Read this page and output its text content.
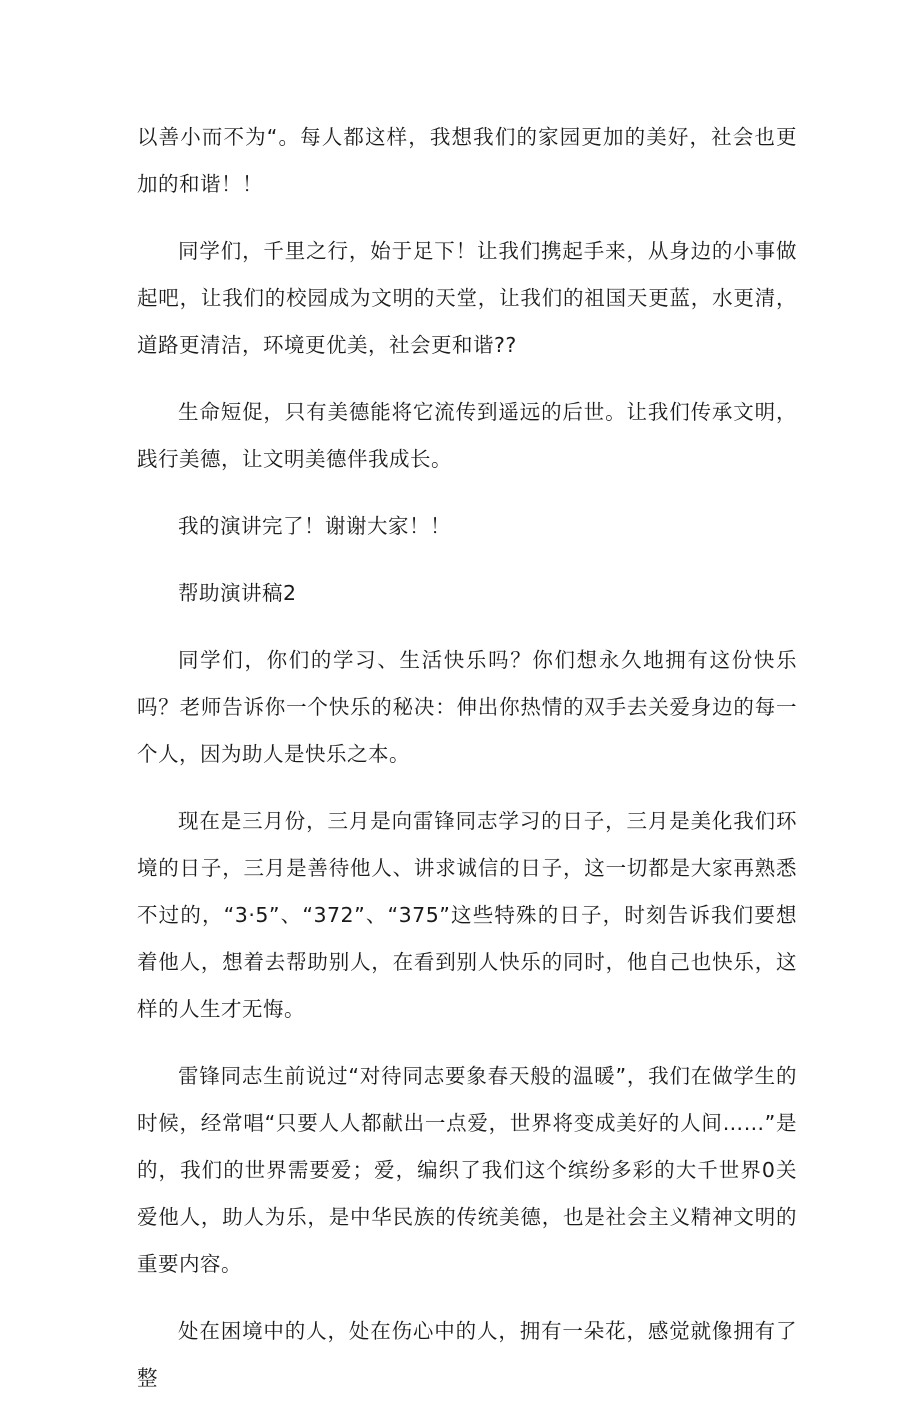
以善小而不为“。每人都这样，我想我们的家园更加的美好，社会也更加的和谐！！

同学们，千里之行，始于足下！让我们携起手来，从身边的小事做起吧，让我们的校园成为文明的天堂，让我们的祖国天更蓝，水更清，道路更清洁，环境更优美，社会更和谐??

生命短促，只有美德能将它流传到遥远的后世。让我们传承文明，践行美德，让文明美德伴我成长。

我的演讲完了！谢谢大家！！

帮助演讲稿2

同学们，你们的学习、生活快乐吗？你们想永久地拥有这份快乐吗？老师告诉你一个快乐的秘决：伸出你热情的双手去关爱身边的每一个人，因为助人是快乐之本。

现在是三月份，三月是向雷锋同志学习的日子，三月是美化我们环境的日子，三月是善待他人、讲求诚信的日子，这一切都是大家再熟悉不过的，“3·5”、“372”、“375”这些特殊的日子，时刻告诉我们要想着他人，想着去帮助别人，在看到别人快乐的同时，他自己也快乐，这样的人生才无悔。

雷锋同志生前说过“对待同志要象春天般的温暖”，我们在做学生的时候，经常唱“只要人人都献出一点爱，世界将变成美好的人间……”是的，我们的世界需要爱；爱，编织了我们这个缤纷多彩的大千世界0关爱他人，助人为乐，是中华民族的传统美德，也是社会主义精神文明的重要内容。

处在困境中的人，处在伤心中的人，拥有一朵花，感觉就像拥有了整
